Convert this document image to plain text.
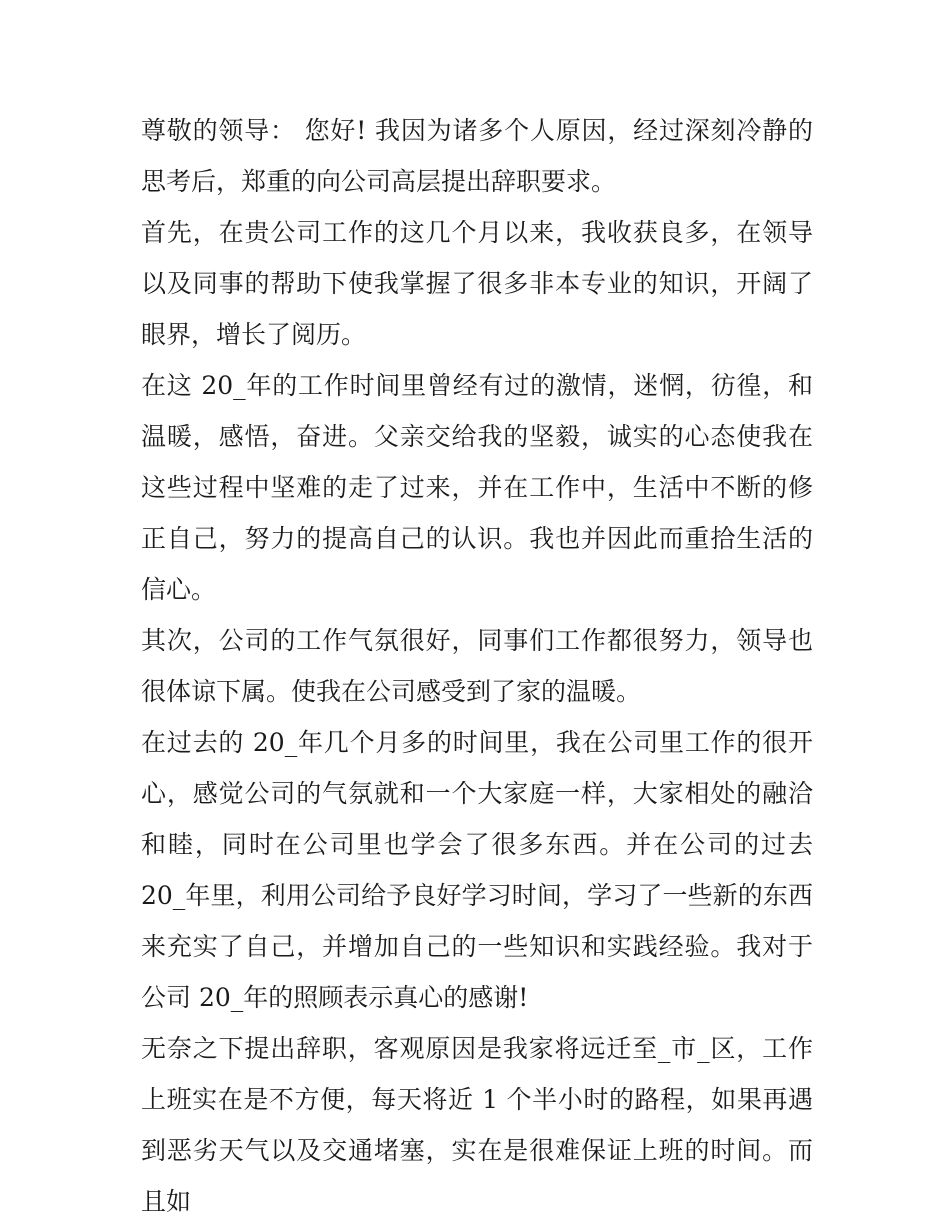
尊敬的领导： 您好! 我因为诸多个人原因，经过深刻冷静的思考后，郑重的向公司高层提出辞职要求。

首先，在贵公司工作的这几个月以来，我收获良多，在领导以及同事的帮助下使我掌握了很多非本专业的知识，开阔了眼界，增长了阅历。

在这 20_年的工作时间里曾经有过的激情，迷惘，彷徨，和温暖，感悟，奋进。父亲交给我的坚毅，诚实的心态使我在这些过程中坚难的走了过来，并在工作中，生活中不断的修正自己，努力的提高自己的认识。我也并因此而重拾生活的信心。

其次，公司的工作气氛很好，同事们工作都很努力，领导也很体谅下属。使我在公司感受到了家的温暖。

在过去的 20_年几个月多的时间里，我在公司里工作的很开心，感觉公司的气氛就和一个大家庭一样，大家相处的融洽和睦，同时在公司里也学会了很多东西。并在公司的过去 20_年里，利用公司给予良好学习时间，学习了一些新的东西来充实了自己，并增加自己的一些知识和实践经验。我对于公司 20_年的照顾表示真心的感谢!

无奈之下提出辞职，客观原因是我家将远迁至_市_区，工作上班实在是不方便，每天将近 1 个半小时的路程，如果再遇到恶劣天气以及交通堵塞，实在是很难保证上班的时间。而且如
